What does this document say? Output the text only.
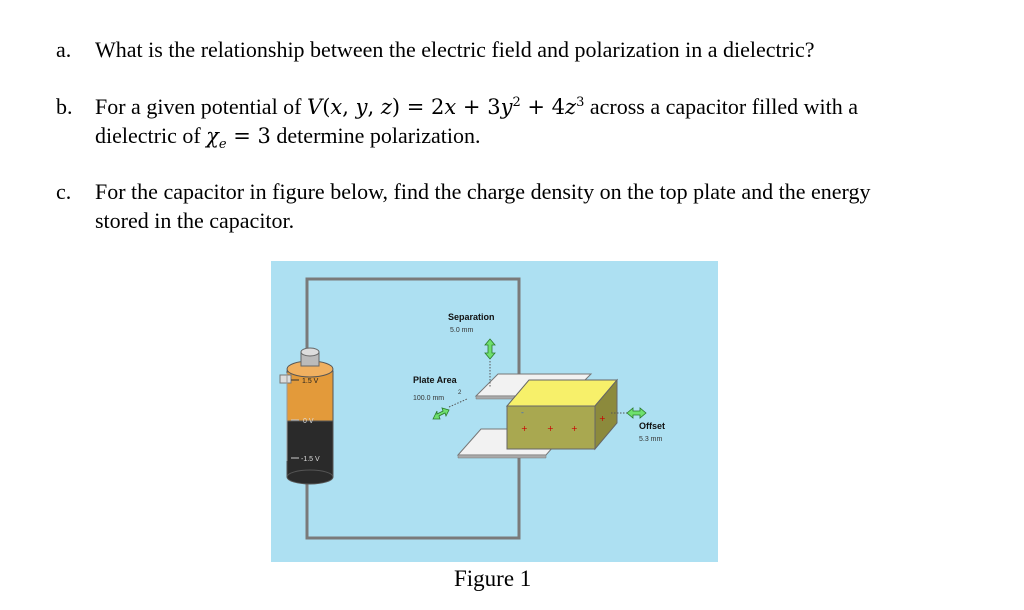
a. What is the relationship between the electric field and polarization in a dielectric?
b. For a given potential of V(x, y, $z) = 2x + 3y^2 + 4z^3$ across a capacitor filled with a
dielectric of $\chi_e = 3$ determine polarization.
c. For the capacitor in figure below, find the charge density on the top plate and the energy
stored in the capacitor.
1.5 V
0 V
-1.5 V
+ + +
-
+
Separation
5.0 mm
Plate Area
100.0 mm
2
Offset
5.3 mm
Figure 1
